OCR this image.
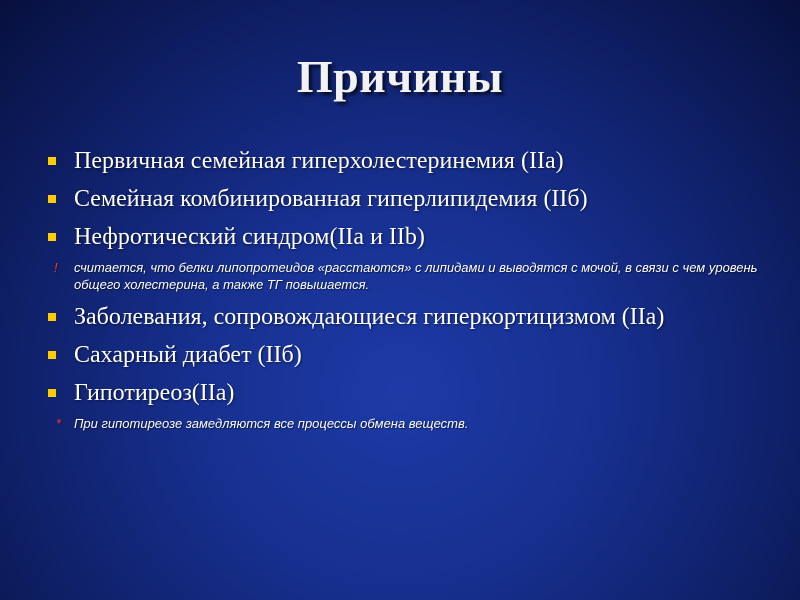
Причины
Первичная семейная гиперхолестеринемия (IIa)
Семейная комбинированная гиперлипидемия (IIб)
Нефротический синдром(IIa и IIb)
! считается, что белки липопротеидов «расстаются» с липидами и выводятся с мочой, в связи с чем уровень общего холестерина, а также ТГ повышается.
Заболевания, сопровождающиеся гиперкортицизмом (IIa)
Сахарный диабет (IIб)
Гипотиреоз(IIa)
* При гипотиреозе замедляются все процессы обмена веществ.
